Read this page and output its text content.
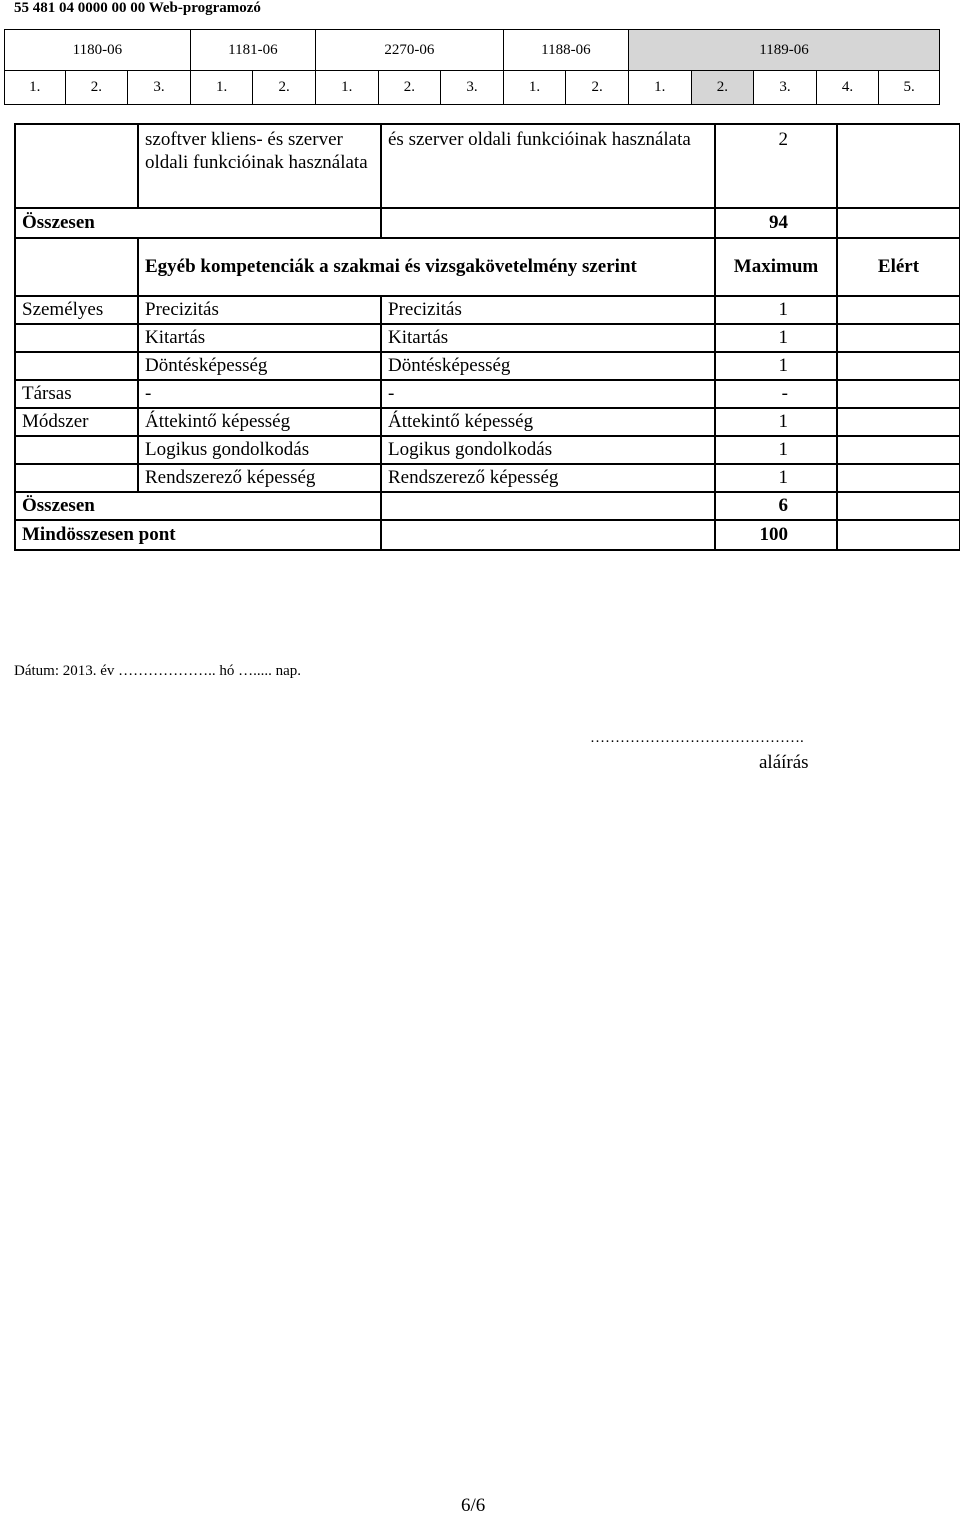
55 481 04 0000 00 00 Web-programozó
1180-06			1181-06		2270-06			1188-06		1189-06				
1.	2.	3.	1.	2.	1.	2.	3.	1.	2.	1.	2.	3.	4.	5.
	szoftver kliens- és szerver oldali funkcióinak használata	és szerver oldali funkcióinak használata	2	
Összesen			94	
	Egyéb kompetenciák a szakmai és vizsgakövetelmény szerint		Maximum	Elért
Személyes	Precizitás	Precizitás	1	
	Kitartás	Kitartás	1	
	Döntésképesség	Döntésképesség	1	
Társas	-	-	-	
Módszer	Áttekintő képesség	Áttekintő képesség	1	
	Logikus gondolkodás	Logikus gondolkodás	1	
	Rendszerező képesség	Rendszerező képesség	1	
Összesen			6	
Mindösszesen pont			100	
Dátum: 2013. év ……………….. hó …..... nap.
…………………………………….
aláírás
6/6
